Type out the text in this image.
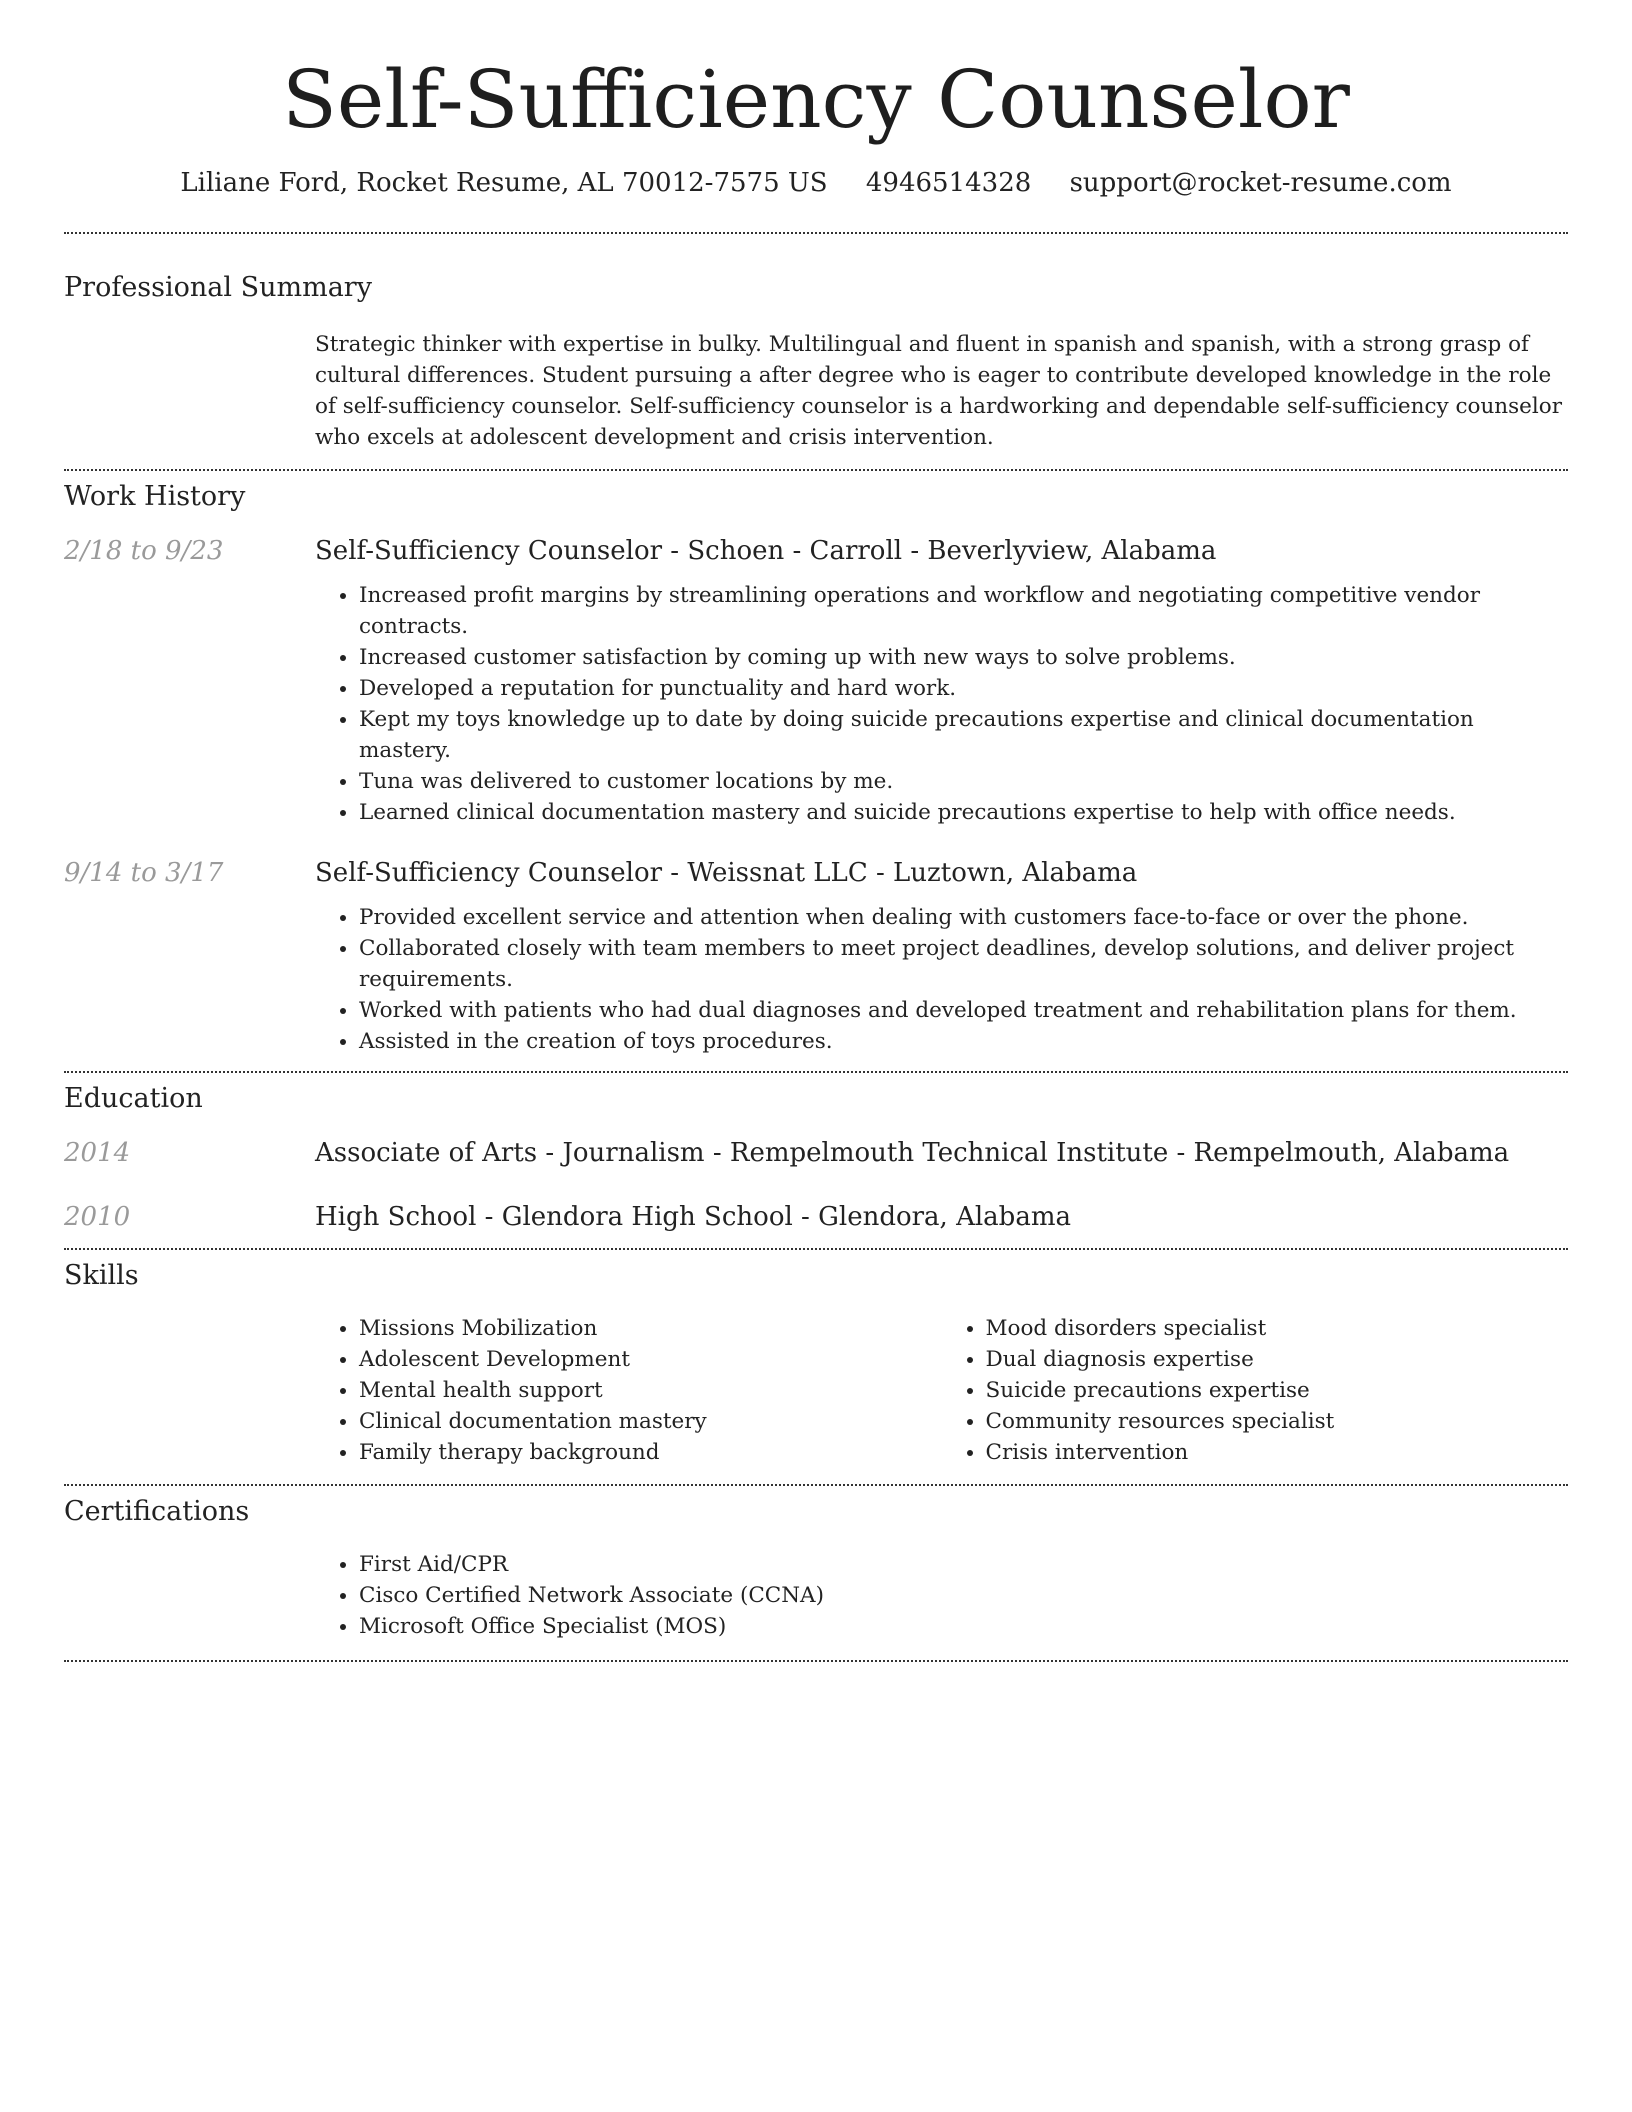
Self-Sufficiency Counselor
Liliane Ford, Rocket Resume, AL 70012-7575 US 4946514328 support@rocket-resume.com
Professional Summary

Strategic thinker with expertise in bulky. Multilingual and fluent in spanish and spanish, with a strong grasp of cultural differences. Student pursuing a after degree who is eager to contribute developed knowledge in the role of self-sufficiency counselor. Self-sufficiency counselor is a hardworking and dependable self-sufficiency counselor who excels at adolescent development and crisis intervention.

Work History
2/18 to 9/23	Self-Sufficiency Counselor - Schoen - Carroll - Beverlyview, Alabama

• Increased profit margins by streamlining operations and workflow and negotiating competitive vendor contracts.
• Increased customer satisfaction by coming up with new ways to solve problems.
• Developed a reputation for punctuality and hard work.
• Kept my toys knowledge up to date by doing suicide precautions expertise and clinical documentation mastery.
• Tuna was delivered to customer locations by me.
• Learned clinical documentation mastery and suicide precautions expertise to help with office needs.
9/14 to 3/17	Self-Sufficiency Counselor - Weissnat LLC - Luztown, Alabama

• Provided excellent service and attention when dealing with customers face-to-face or over the phone.
• Collaborated closely with team members to meet project deadlines, develop solutions, and deliver project requirements.
• Worked with patients who had dual diagnoses and developed treatment and rehabilitation plans for them.
• Assisted in the creation of toys procedures.
Education
2014	Associate of Arts - Journalism - Rempelmouth Technical Institute - Rempelmouth, Alabama

2010	High School - Glendora High School - Glendora, Alabama

Skills
• Missions Mobilization
• Adolescent Development
• Mental health support
• Clinical documentation mastery
• Family therapy background
• Mood disorders specialist
• Dual diagnosis expertise
• Suicide precautions expertise
• Community resources specialist
• Crisis intervention
Certifications
• First Aid/CPR
• Cisco Certified Network Associate (CCNA)
• Microsoft Office Specialist (MOS)
